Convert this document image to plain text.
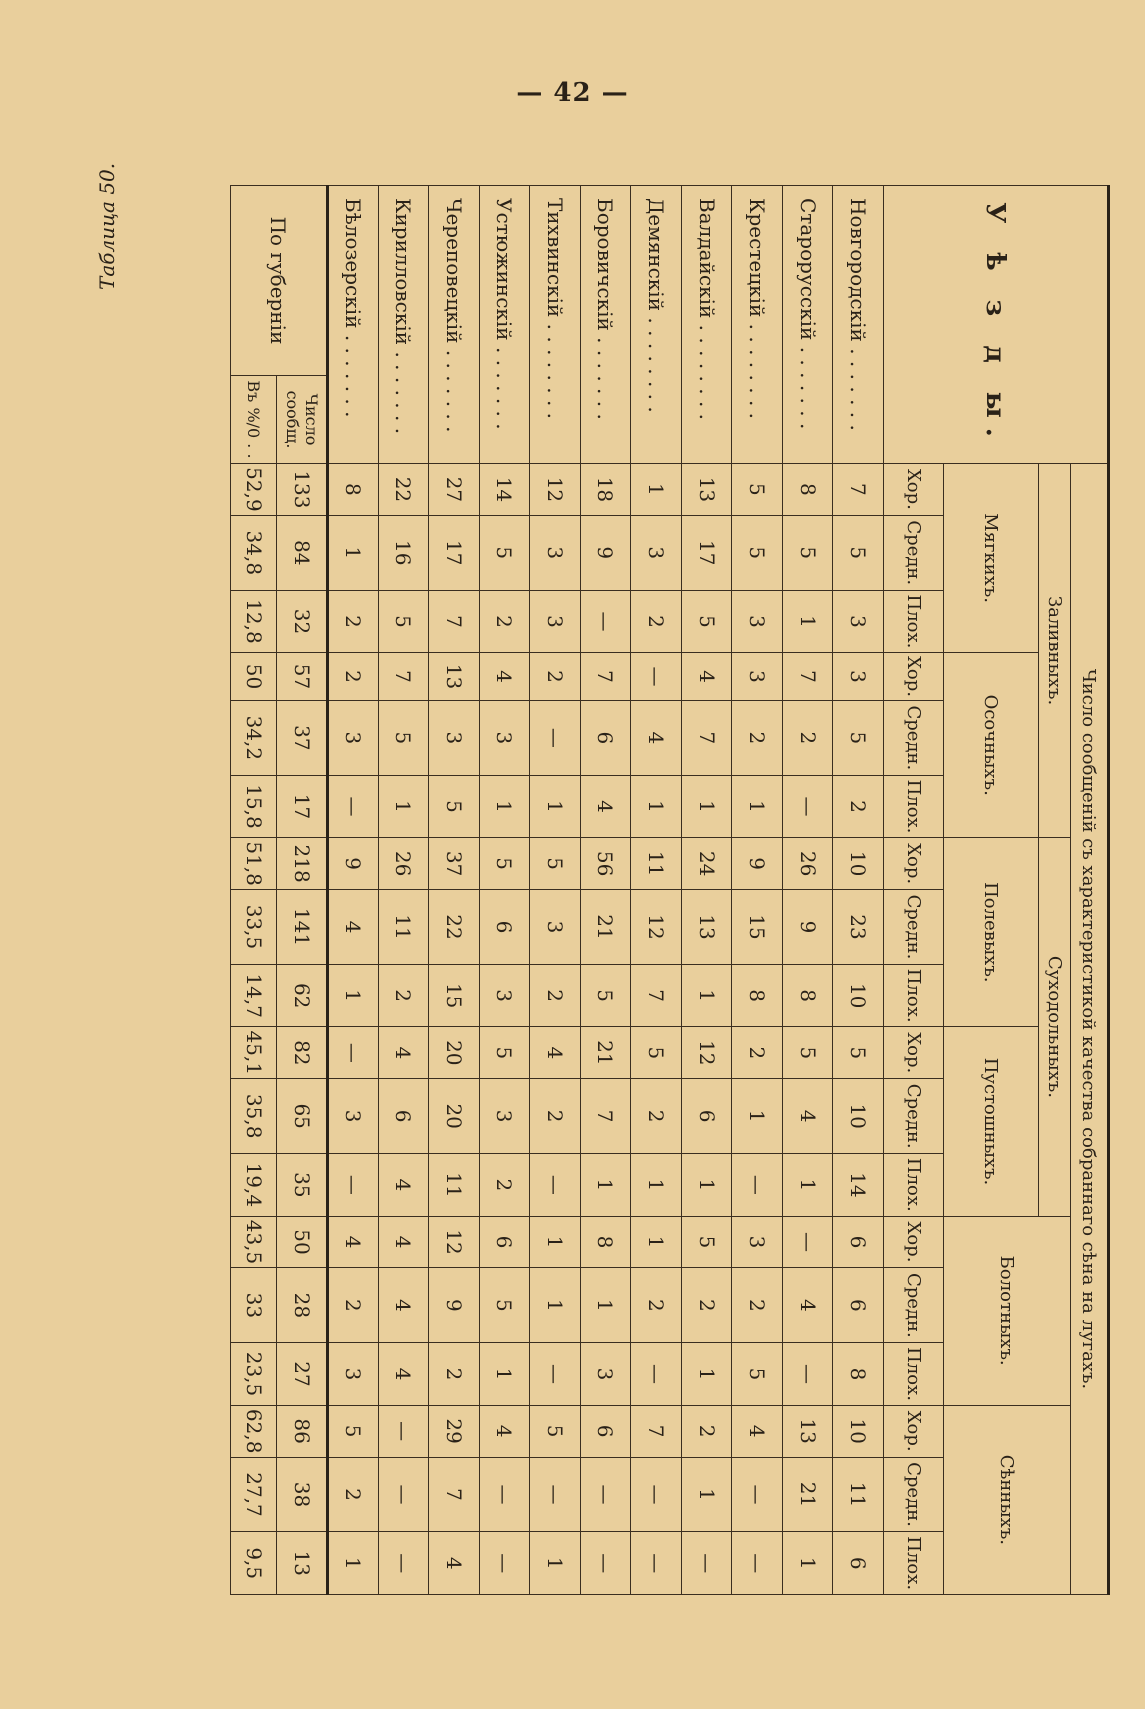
— 42 —
Таблица 50.	У ѣ з д ы.		Число сообщеній съ характеристикой качества собраннаго сѣна на лугахъ.																	
		Заливныхъ.						Суходольныхъ.						Болотныхъ.			Сѣнныхъ.		
		Мягкихъ.			Осочныхъ.			Полевыхъ.			Пустошныхъ.								
		Хор.	Средн.	Плох.	Хор.	Средн.	Плох.	Хор.	Средн.	Плох.	Хор.	Средн.	Плох.	Хор.	Средн.	Плох.	Хор.	Средн.	Плох.
Новгородскій . . . . . . .		7	5	3	3	5	2	10	23	10	5	10	14	6	6	8	10	11	6
Старорусскій . . . . . . .		8	5	1	7	2	—	26	9	8	5	4	1	—	4	—	13	21	1
Крестецкій . . . . . . . .		5	5	3	3	2	1	9	15	8	2	1	—	3	2	5	4	—	—
Валдайскій . . . . . . . .		13	17	5	4	7	1	24	13	1	12	6	1	5	2	1	2	1	—
Демянскій . . . . . . . .		1	3	2	—	4	1	11	12	7	5	2	1	1	2	—	7	—	—
Боровичскій . . . . . . .		18	9	—	7	6	4	56	21	5	21	7	1	8	1	3	6	—	—
Тихвинскій . . . . . . . .		12	3	3	2	—	1	5	3	2	4	2	—	1	1	—	5	—	1
Устюжинскій . . . . . . .		14	5	2	4	3	1	5	6	3	5	3	2	6	5	1	4	—	—
Череповецкій . . . . . . .		27	17	7	13	3	5	37	22	15	20	20	11	12	9	2	29	7	4
Кирилловскій . . . . . . .		22	16	5	7	5	1	26	11	2	4	6	4	4	4	4	—	—	—
Бѣлозерскій . . . . . . .		8	1	2	2	3	—	9	4	1	—	3	—	4	2	3	5	2	1
По губерніи	Число сообщ.	133	84	32	57	37	17	218	141	62	82	65	35	50	28	27	86	38	13
	Въ %/0 . .	52,9	34,8	12,8	50	34,2	15,8	51,8	33,5	14,7	45,1	35,8	19,4	43,5	33	23,5	62,8	27,7	9,5
